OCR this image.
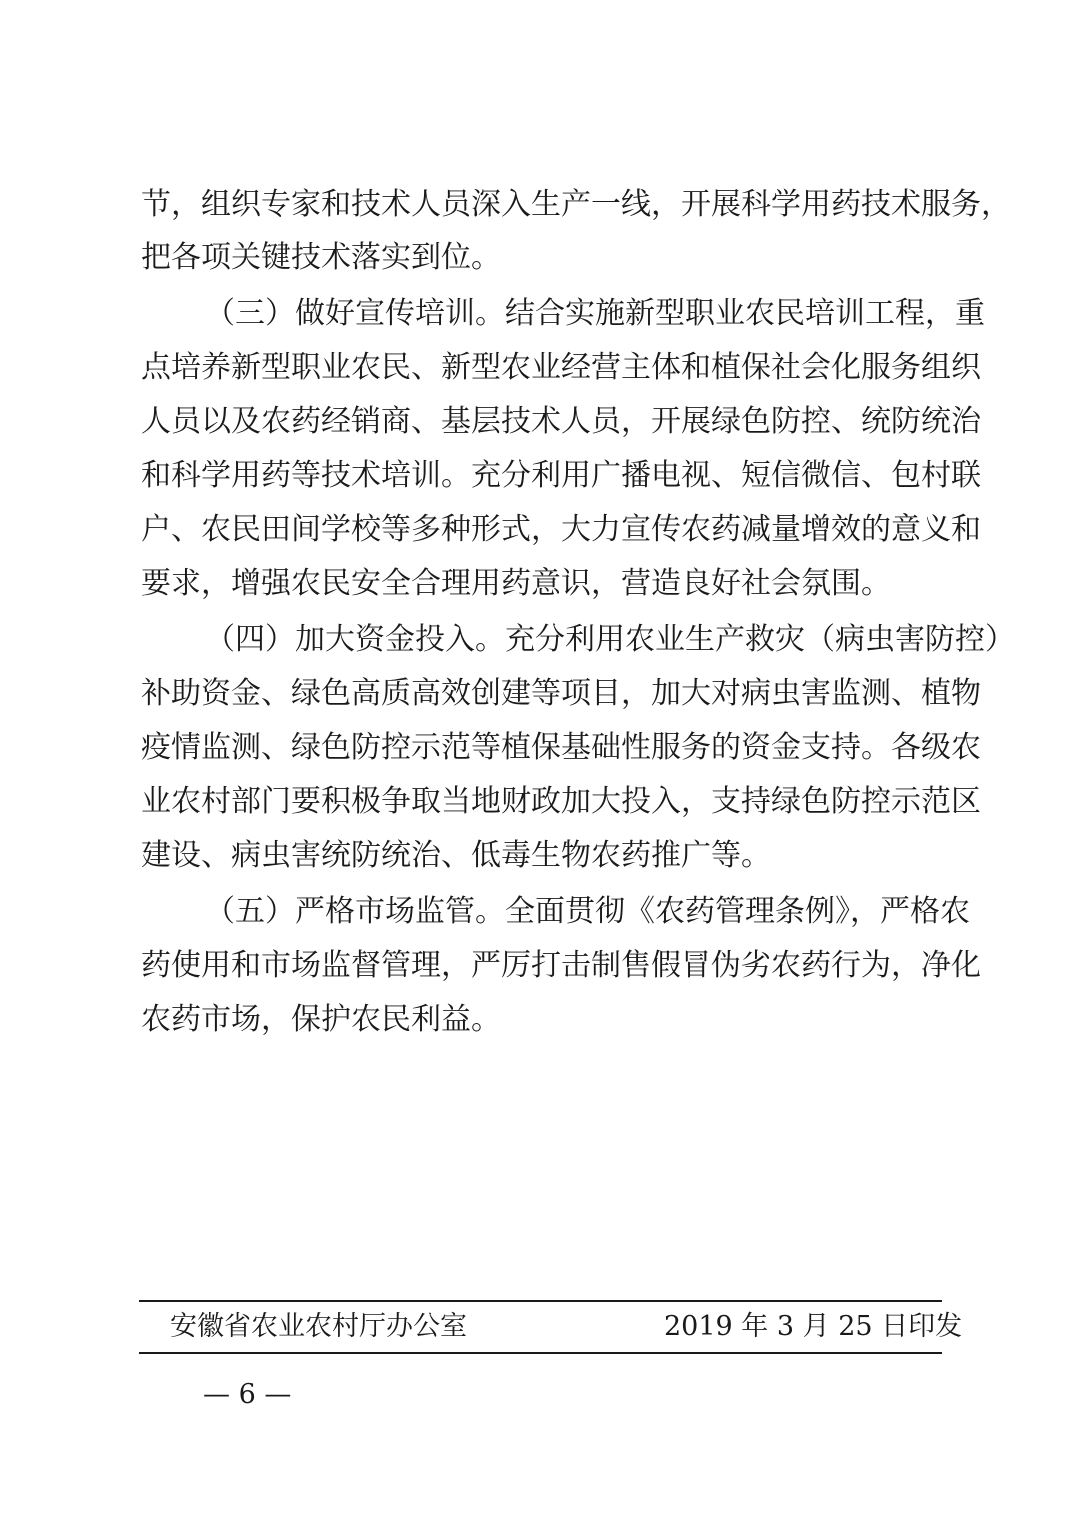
节，组织专家和技术人员深入生产一线，开展科学用药技术服务，
把各项关键技术落实到位。
（三）做好宣传培训。结合实施新型职业农民培训工程，重
点培养新型职业农民、新型农业经营主体和植保社会化服务组织
人员以及农药经销商、基层技术人员，开展绿色防控、统防统治
和科学用药等技术培训。充分利用广播电视、短信微信、包村联
户、农民田间学校等多种形式，大力宣传农药减量增效的意义和
要求，增强农民安全合理用药意识，营造良好社会氛围。
（四）加大资金投入。充分利用农业生产救灾（病虫害防控）
补助资金、绿色高质高效创建等项目，加大对病虫害监测、植物
疫情监测、绿色防控示范等植保基础性服务的资金支持。各级农
业农村部门要积极争取当地财政加大投入，支持绿色防控示范区
建设、病虫害统防统治、低毒生物农药推广等。
（五）严格市场监管。全面贯彻《农药管理条例》，严格农
药使用和市场监督管理，严厉打击制售假冒伪劣农药行为，净化
农药市场，保护农民利益。
安徽省农业农村厅办公室	2019 年 3 月 25 日印发
— 6 —
